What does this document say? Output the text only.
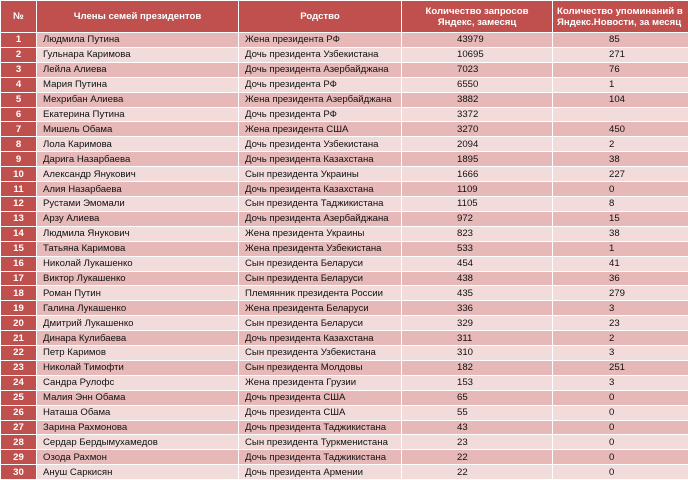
№	Члены семей президентов	Родство	Количество запросов Яндекс, замесяц	Количество упоминаний в Яндекс.Новости, за месяц
1	Людмила Путина	Жена президента РФ	43979	85
2	Гульнара Каримова	Дочь президента Узбекистана	10695	271
3	Лейла Алиева	Дочь президента Азербайджана	7023	76
4	Мария Путина	Дочь президента РФ	6550	1
5	Мехрибан Алиева	Жена президента Азербайджана	3882	104
6	Екатерина Путина	Дочь президента РФ	3372	
7	Мишель Обама	Жена президента США	3270	450
8	Лола Каримова	Дочь президента Узбекистана	2094	2
9	Дарига Назарбаева	Дочь президента Казахстана	1895	38
10	Александр Янукович	Сын президента Украины	1666	227
11	Алия Назарбаева	Дочь президента Казахстана	1109	0
12	Рустами Эмомали	Сын президента Таджикистана	1105	8
13	Арзу Алиева	Дочь президента Азербайджана	972	15
14	Людмила Янукович	Жена президента Украины	823	38
15	Татьяна Каримова	Жена президента Узбекистана	533	1
16	Николай Лукашенко	Сын президента Беларуси	454	41
17	Виктор Лукашенко	Сын президента Беларуси	438	36
18	Роман Путин	Племянник президента России	435	279
19	Галина Лукашенко	Жена президента Беларуси	336	3
20	Дмитрий Лукашенко	Сын президента Беларуси	329	23
21	Динара Кулибаева	Дочь президента Казахстана	311	2
22	Петр Каримов	Сын президента Узбекистана	310	3
23	Николай Тимофти	Сын президента Молдовы	182	251
24	Сандра Рулофс	Жена президента Грузии	153	3
25	Малия Энн Обама	Дочь президента США	65	0
26	Наташа Обама	Дочь президента США	55	0
27	Зарина Рахмонова	Дочь президента Таджикистана	43	0
28	Сердар Бердымухамедов	Сын президента Туркменистана	23	0
29	Озода Рахмон	Дочь президента Таджикистана	22	0
30	Ануш Саркисян	Дочь президента Армении	22	0
